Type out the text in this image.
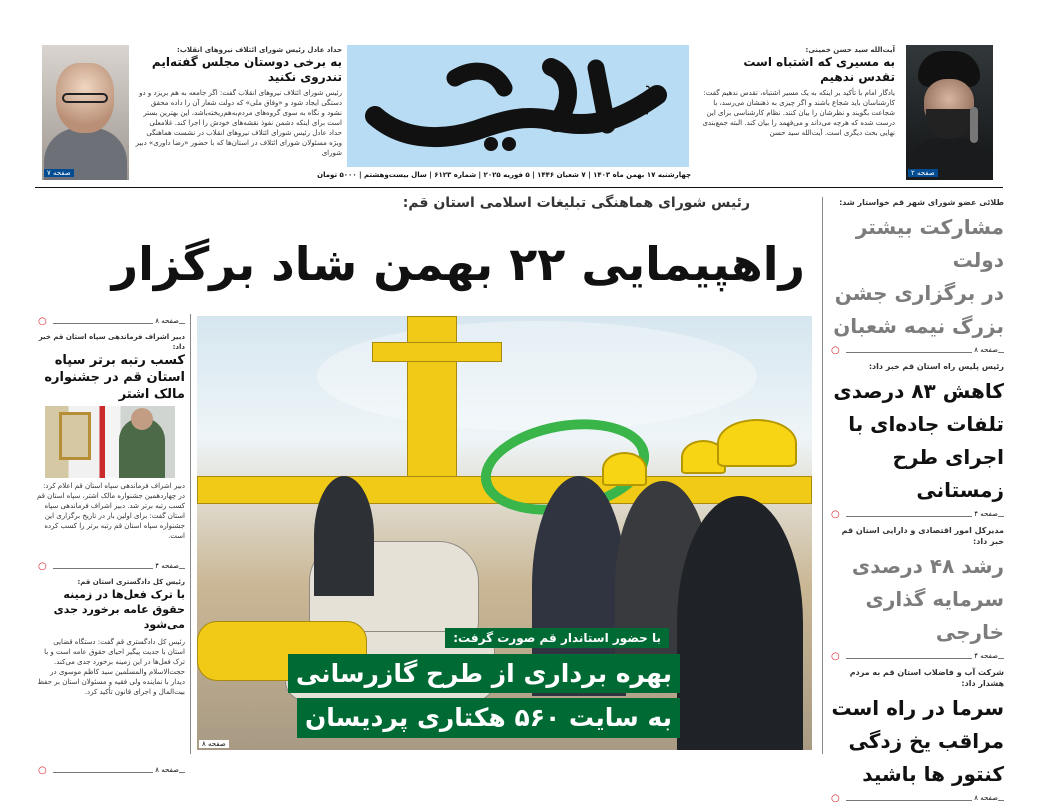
صفحه ۷
حداد عادل رئیس شورای ائتلاف نیروهای انقلاب:
به برخی دوستان مجلس گفته‌ایم
تندروی نکنید
رئیس شورای ائتلاف نیروهای انقلاب گفت: اگر جامعه به هم بریزد و دو دستگی ایجاد شود و «وفاق ملی» که دولت شعار آن را داده محقق نشود و نگاه به سوی گروه‌های مردم‌به‌هم‌ریخته‌باشد، این بهترین بستر است برای اینکه دشمن نفوذ نقشه‌های خودش را اجرا کند. غلامعلی حداد عادل رئیس شورای ائتلاف نیروهای انقلاب در نشست هماهنگی ویژه مسئولان شورای ائتلاف در استان‌ها که با حضور «رضا داوری» دبیر شورای
روزنامه
چهارشنبه ۱۷ بهمن ماه ۱۴۰۳ | ۷ شعبان ۱۴۴۶ | ۵ فوریه ۲۰۲۵ | شماره ۶۱۲۳ | سال بیست‌وهشتم | ۵۰۰۰ تومان
آیت‌الله سید حسن خمینی:
به مسیری که اشتباه است
تقدس ندهیم
یادگار امام با تأکید بر اینکه به یک مسیر اشتباه، تقدس ندهیم گفت: کارشناسان باید شجاع باشند و اگر چیزی به ذهنشان می‌رسد، با شجاعت بگویند و نظرشان را بیان کنند. نظام کارشناسی برای این درست شده که هرچه می‌داند و می‌فهمد را بیان کند. البته جمع‌بندی نهایی بحث دیگری است. آیت‌الله سید حسن
صفحه ۲
رئیس شورای هماهنگی تبلیغات اسلامی استان قم:
راهپیمایی ۲۲ بهمن شاد برگزار
با حضور استاندار قم صورت گرفت:
بهره برداری از طرح گازرسانی
به سایت ۵۶۰ هکتاری پردیسان
صفحه ۸
صفحه ۸
○
دبیر اشراف فرماندهی سپاه استان قم خبر داد:
کسب رتبه برتر سپاه استان قم در جشنواره مالک اشتر
دبیر اشراف فرماندهی سپاه استان قم اعلام کرد: در چهاردهمین جشنواره مالک اشتر، سپاه استان قم کسب رتبه برتر شد. دبیر اشراف فرماندهی سپاه استان گفت: برای اولین بار در تاریخ برگزاری این جشنواره سپاه استان قم رتبه برتر را کسب کرده است.
صفحه ۴
○
رئیس کل دادگستری استان قم:
با ترک فعل‌ها در زمینه حقوق عامه برخورد جدی می‌شود
رئیس کل دادگستری قم گفت: دستگاه قضایی استان با جدیت پیگیر احیای حقوق عامه است و با ترک فعل‌ها در این زمینه برخورد جدی می‌کند. حجت‌الاسلام والمسلمین سید کاظم موسوی در دیدار با نماینده ولی فقیه و مسئولان استان بر حفظ بیت‌المال و اجرای قانون تأکید کرد.
صفحه ۸
○
طلائی عضو شورای شهر قم خواستار شد:
مشارکت بیشتر دولت
در برگزاری جشن
بزرگ نیمه شعبان
صفحه ۸
○
رئیس پلیس راه استان قم خبر داد:
کاهش ۸۳ درصدی
تلفات جاده‌ای با
اجرای طرح زمستانی
صفحه ۴
○
مدیرکل امور اقتصادی و دارایی استان قم خبر داد:
رشد ۴۸ درصدی
سرمایه گذاری خارجی
صفحه ۴
○
شرکت آب و فاضلاب استان قم به مردم هشدار داد:
سرما در راه است
مراقب یخ زدگی
کنتور ها باشید
صفحه ۸
○
